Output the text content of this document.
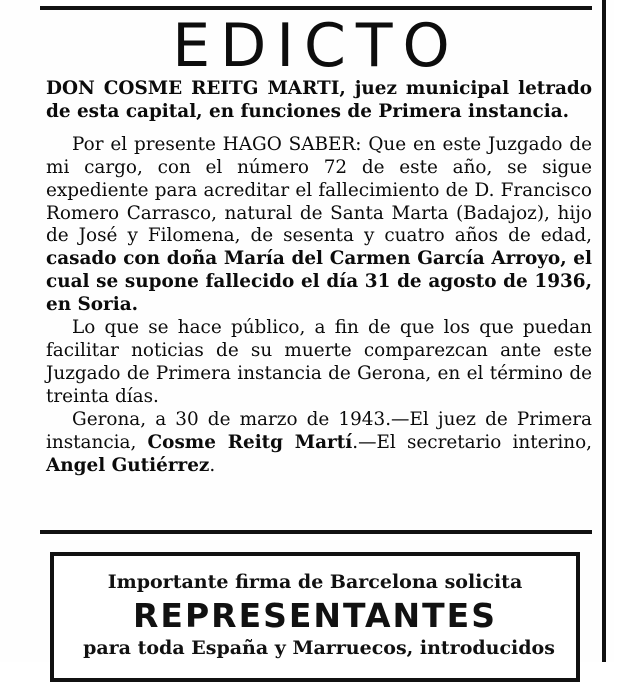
EDICTO

DON COSME REITG MARTI, juez municipal letrado de esta capital, en funciones de Primera instancia.

Por el presente HAGO SABER: Que en este Juzgado de mi cargo, con el número 72 de este año, se sigue expediente para acreditar el fallecimiento de D. Francisco Romero Carrasco, natural de Santa Marta (Badajoz), hijo de José y Filomena, de sesenta y cuatro años de edad, casado con doña María del Carmen García Arroyo, el cual se supone fallecido el día 31 de agosto de 1936, en Soria.

Lo que se hace público, a fin de que los que puedan facilitar noticias de su muerte comparezcan ante este Juzgado de Primera instancia de Gerona, en el término de treinta días.

Gerona, a 30 de marzo de 1943.—El juez de Primera instancia, Cosme Reitg Martí.—El secretario interino, Angel Gutiérrez.

Importante firma de Barcelona solicita
REPRESENTANTES
para toda España y Marruecos, introducidos
